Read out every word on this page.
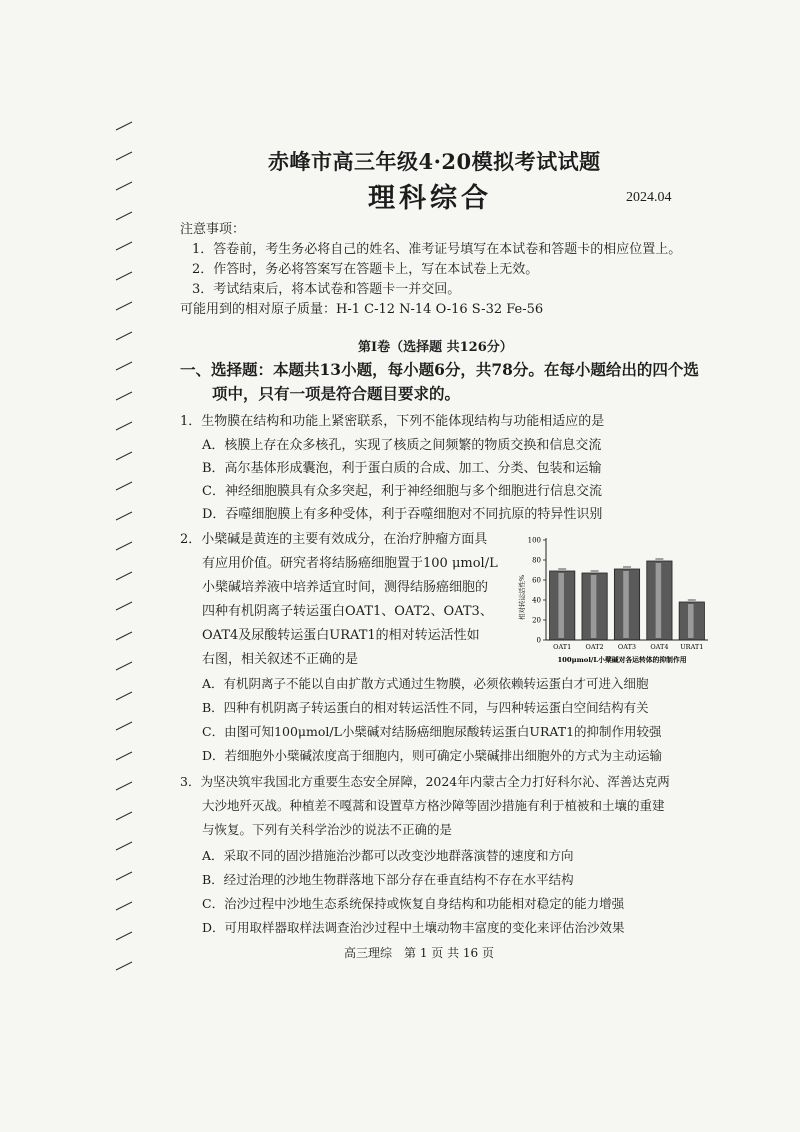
赤峰市高三年级4·20模拟考试试题
理科综合	2024.04
注意事项：
1．答卷前，考生务必将自己的姓名、准考证号填写在本试卷和答题卡的相应位置上。
2．作答时，务必将答案写在答题卡上，写在本试卷上无效。
3．考试结束后，将本试卷和答题卡一并交回。
可能用到的相对原子质量：H-1 C-12 N-14 O-16 S-32 Fe-56
第Ⅰ卷（选择题 共126分）
一、选择题：本题共13小题，每小题6分，共78分。在每小题给出的四个选
项中，只有一项是符合题目要求的。
1．生物膜在结构和功能上紧密联系，下列不能体现结构与功能相适应的是
A．核膜上存在众多核孔，实现了核质之间频繁的物质交换和信息交流
B．高尔基体形成囊泡，利于蛋白质的合成、加工、分类、包装和运输
C．神经细胞膜具有众多突起，利于神经细胞与多个细胞进行信息交流
D．吞噬细胞膜上有多种受体，利于吞噬细胞对不同抗原的特异性识别
2．小檗碱是黄连的主要有效成分，在治疗肿瘤方面具
有应用价值。研究者将结肠癌细胞置于100 μmol/L
小檗碱培养液中培养适宜时间，测得结肠癌细胞的
四种有机阴离子转运蛋白OAT1、OAT2、OAT3、
OAT4及尿酸转运蛋白URAT1的相对转运活性如
右图，相关叙述不正确的是
相对转运活性%
0
20
40
60
80
100
OAT1 OAT2 OAT3 OAT4 URAT1
100μmol/L小檗碱对各运转体的抑制作用
A．有机阴离子不能以自由扩散方式通过生物膜，必须依赖转运蛋白才可进入细胞
B．四种有机阴离子转运蛋白的相对转运活性不同，与四种转运蛋白空间结构有关
C．由图可知100μmol/L小檗碱对结肠癌细胞尿酸转运蛋白URAT1的抑制作用较强
D．若细胞外小檗碱浓度高于细胞内，则可确定小檗碱排出细胞外的方式为主动运输
3．为坚决筑牢我国北方重要生态安全屏障，2024年内蒙古全力打好科尔沁、浑善达克两
大沙地歼灭战。种植差不嘎蒿和设置草方格沙障等固沙措施有利于植被和土壤的重建
与恢复。下列有关科学治沙的说法不正确的是
A．采取不同的固沙措施治沙都可以改变沙地群落演替的速度和方向
B．经过治理的沙地生物群落地下部分存在垂直结构不存在水平结构
C．治沙过程中沙地生态系统保持或恢复自身结构和功能相对稳定的能力增强
D．可用取样器取样法调查治沙过程中土壤动物丰富度的变化来评估治沙效果
高三理综　第 1 页 共 16 页
